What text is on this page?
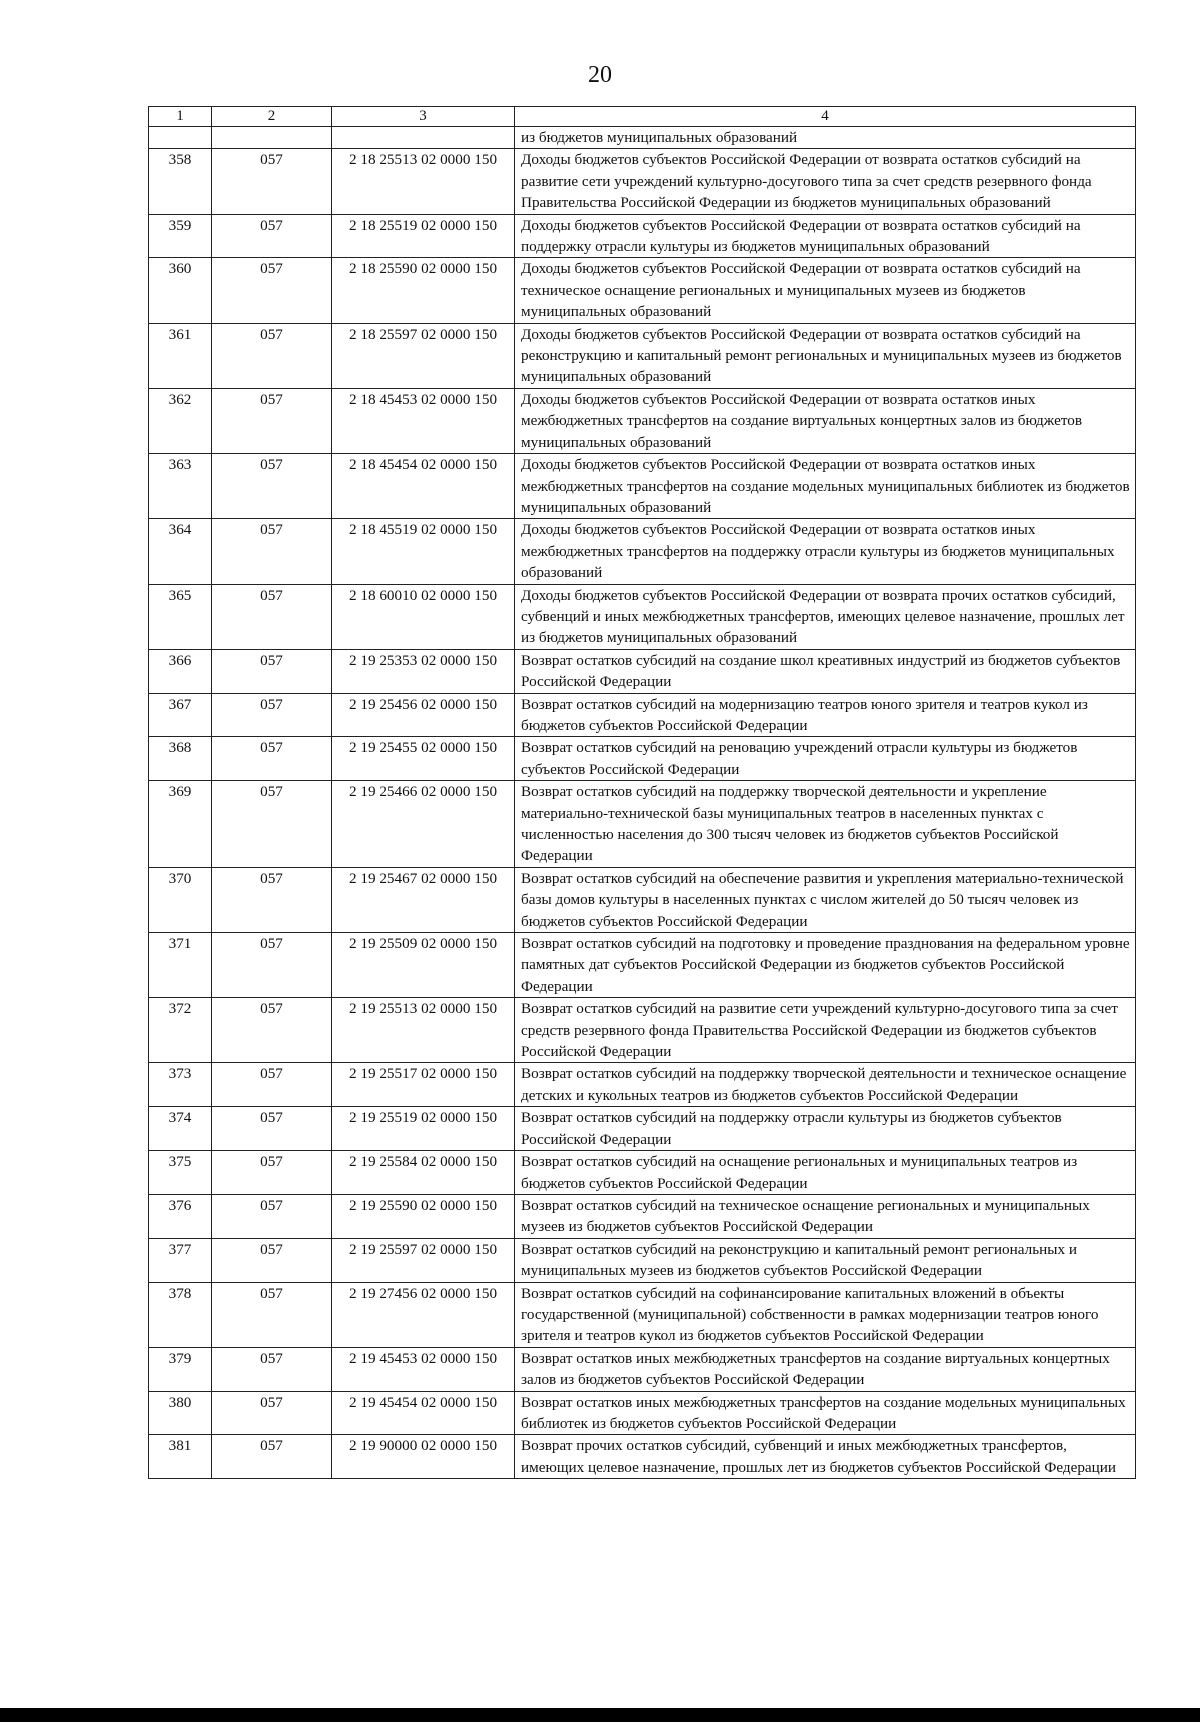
20
1	2	3	4
			из бюджетов муниципальных образований
358	057	2 18 25513 02 0000 150	Доходы бюджетов субъектов Российской Федерации от возврата остатков субсидий на развитие сети учреждений культурно-досугового типа за счет средств резервного фонда Правительства Российской Федерации из бюджетов муниципальных образований
359	057	2 18 25519 02 0000 150	Доходы бюджетов субъектов Российской Федерации от возврата остатков субсидий на поддержку отрасли культуры из бюджетов муниципальных образований
360	057	2 18 25590 02 0000 150	Доходы бюджетов субъектов Российской Федерации от возврата остатков субсидий на техническое оснащение региональных и муниципальных музеев из бюджетов муниципальных образований
361	057	2 18 25597 02 0000 150	Доходы бюджетов субъектов Российской Федерации от возврата остатков субсидий на реконструкцию и капитальный ремонт региональных и муниципальных музеев из бюджетов муниципальных образований
362	057	2 18 45453 02 0000 150	Доходы бюджетов субъектов Российской Федерации от возврата остатков иных межбюджетных трансфертов на создание виртуальных концертных залов из бюджетов муниципальных образований
363	057	2 18 45454 02 0000 150	Доходы бюджетов субъектов Российской Федерации от возврата остатков иных межбюджетных трансфертов на создание модельных муниципальных библиотек из бюджетов муниципальных образований
364	057	2 18 45519 02 0000 150	Доходы бюджетов субъектов Российской Федерации от возврата остатков иных межбюджетных трансфертов на поддержку отрасли культуры из бюджетов муниципальных образований
365	057	2 18 60010 02 0000 150	Доходы бюджетов субъектов Российской Федерации от возврата прочих остатков субсидий, субвенций и иных межбюджетных трансфертов, имеющих целевое назначение, прошлых лет из бюджетов муниципальных образований
366	057	2 19 25353 02 0000 150	Возврат остатков субсидий на создание школ креативных индустрий из бюджетов субъектов Российской Федерации
367	057	2 19 25456 02 0000 150	Возврат остатков субсидий на модернизацию театров юного зрителя и театров кукол из бюджетов субъектов Российской Федерации
368	057	2 19 25455 02 0000 150	Возврат остатков субсидий на реновацию учреждений отрасли культуры из бюджетов субъектов Российской Федерации
369	057	2 19 25466 02 0000 150	Возврат остатков субсидий на поддержку творческой деятельности и укрепление материально-технической базы муниципальных театров в населенных пунктах с численностью населения до 300 тысяч человек из бюджетов субъектов Российской Федерации
370	057	2 19 25467 02 0000 150	Возврат остатков субсидий на обеспечение развития и укрепления материально-технической базы домов культуры в населенных пунктах с числом жителей до 50 тысяч человек из бюджетов субъектов Российской Федерации
371	057	2 19 25509 02 0000 150	Возврат остатков субсидий на подготовку и проведение празднования на федеральном уровне памятных дат субъектов Российской Федерации из бюджетов субъектов Российской Федерации
372	057	2 19 25513 02 0000 150	Возврат остатков субсидий на развитие сети учреждений культурно-досугового типа за счет средств резервного фонда Правительства Российской Федерации из бюджетов субъектов Российской Федерации
373	057	2 19 25517 02 0000 150	Возврат остатков субсидий на поддержку творческой деятельности и техническое оснащение детских и кукольных театров из бюджетов субъектов Российской Федерации
374	057	2 19 25519 02 0000 150	Возврат остатков субсидий на поддержку отрасли культуры из бюджетов субъектов Российской Федерации
375	057	2 19 25584 02 0000 150	Возврат остатков субсидий на оснащение региональных и муниципальных театров из бюджетов субъектов Российской Федерации
376	057	2 19 25590 02 0000 150	Возврат остатков субсидий на техническое оснащение региональных и муниципальных музеев из бюджетов субъектов Российской Федерации
377	057	2 19 25597 02 0000 150	Возврат остатков субсидий на реконструкцию и капитальный ремонт региональных и муниципальных музеев из бюджетов субъектов Российской Федерации
378	057	2 19 27456 02 0000 150	Возврат остатков субсидий на софинансирование капитальных вложений в объекты государственной (муниципальной) собственности в рамках модернизации театров юного зрителя и театров кукол из бюджетов субъектов Российской Федерации
379	057	2 19 45453 02 0000 150	Возврат остатков иных межбюджетных трансфертов на создание виртуальных концертных залов из бюджетов субъектов Российской Федерации
380	057	2 19 45454 02 0000 150	Возврат остатков иных межбюджетных трансфертов на создание модельных муниципальных библиотек из бюджетов субъектов Российской Федерации
381	057	2 19 90000 02 0000 150	Возврат прочих остатков субсидий, субвенций и иных межбюджетных трансфертов, имеющих целевое назначение, прошлых лет из бюджетов субъектов Российской Федерации
